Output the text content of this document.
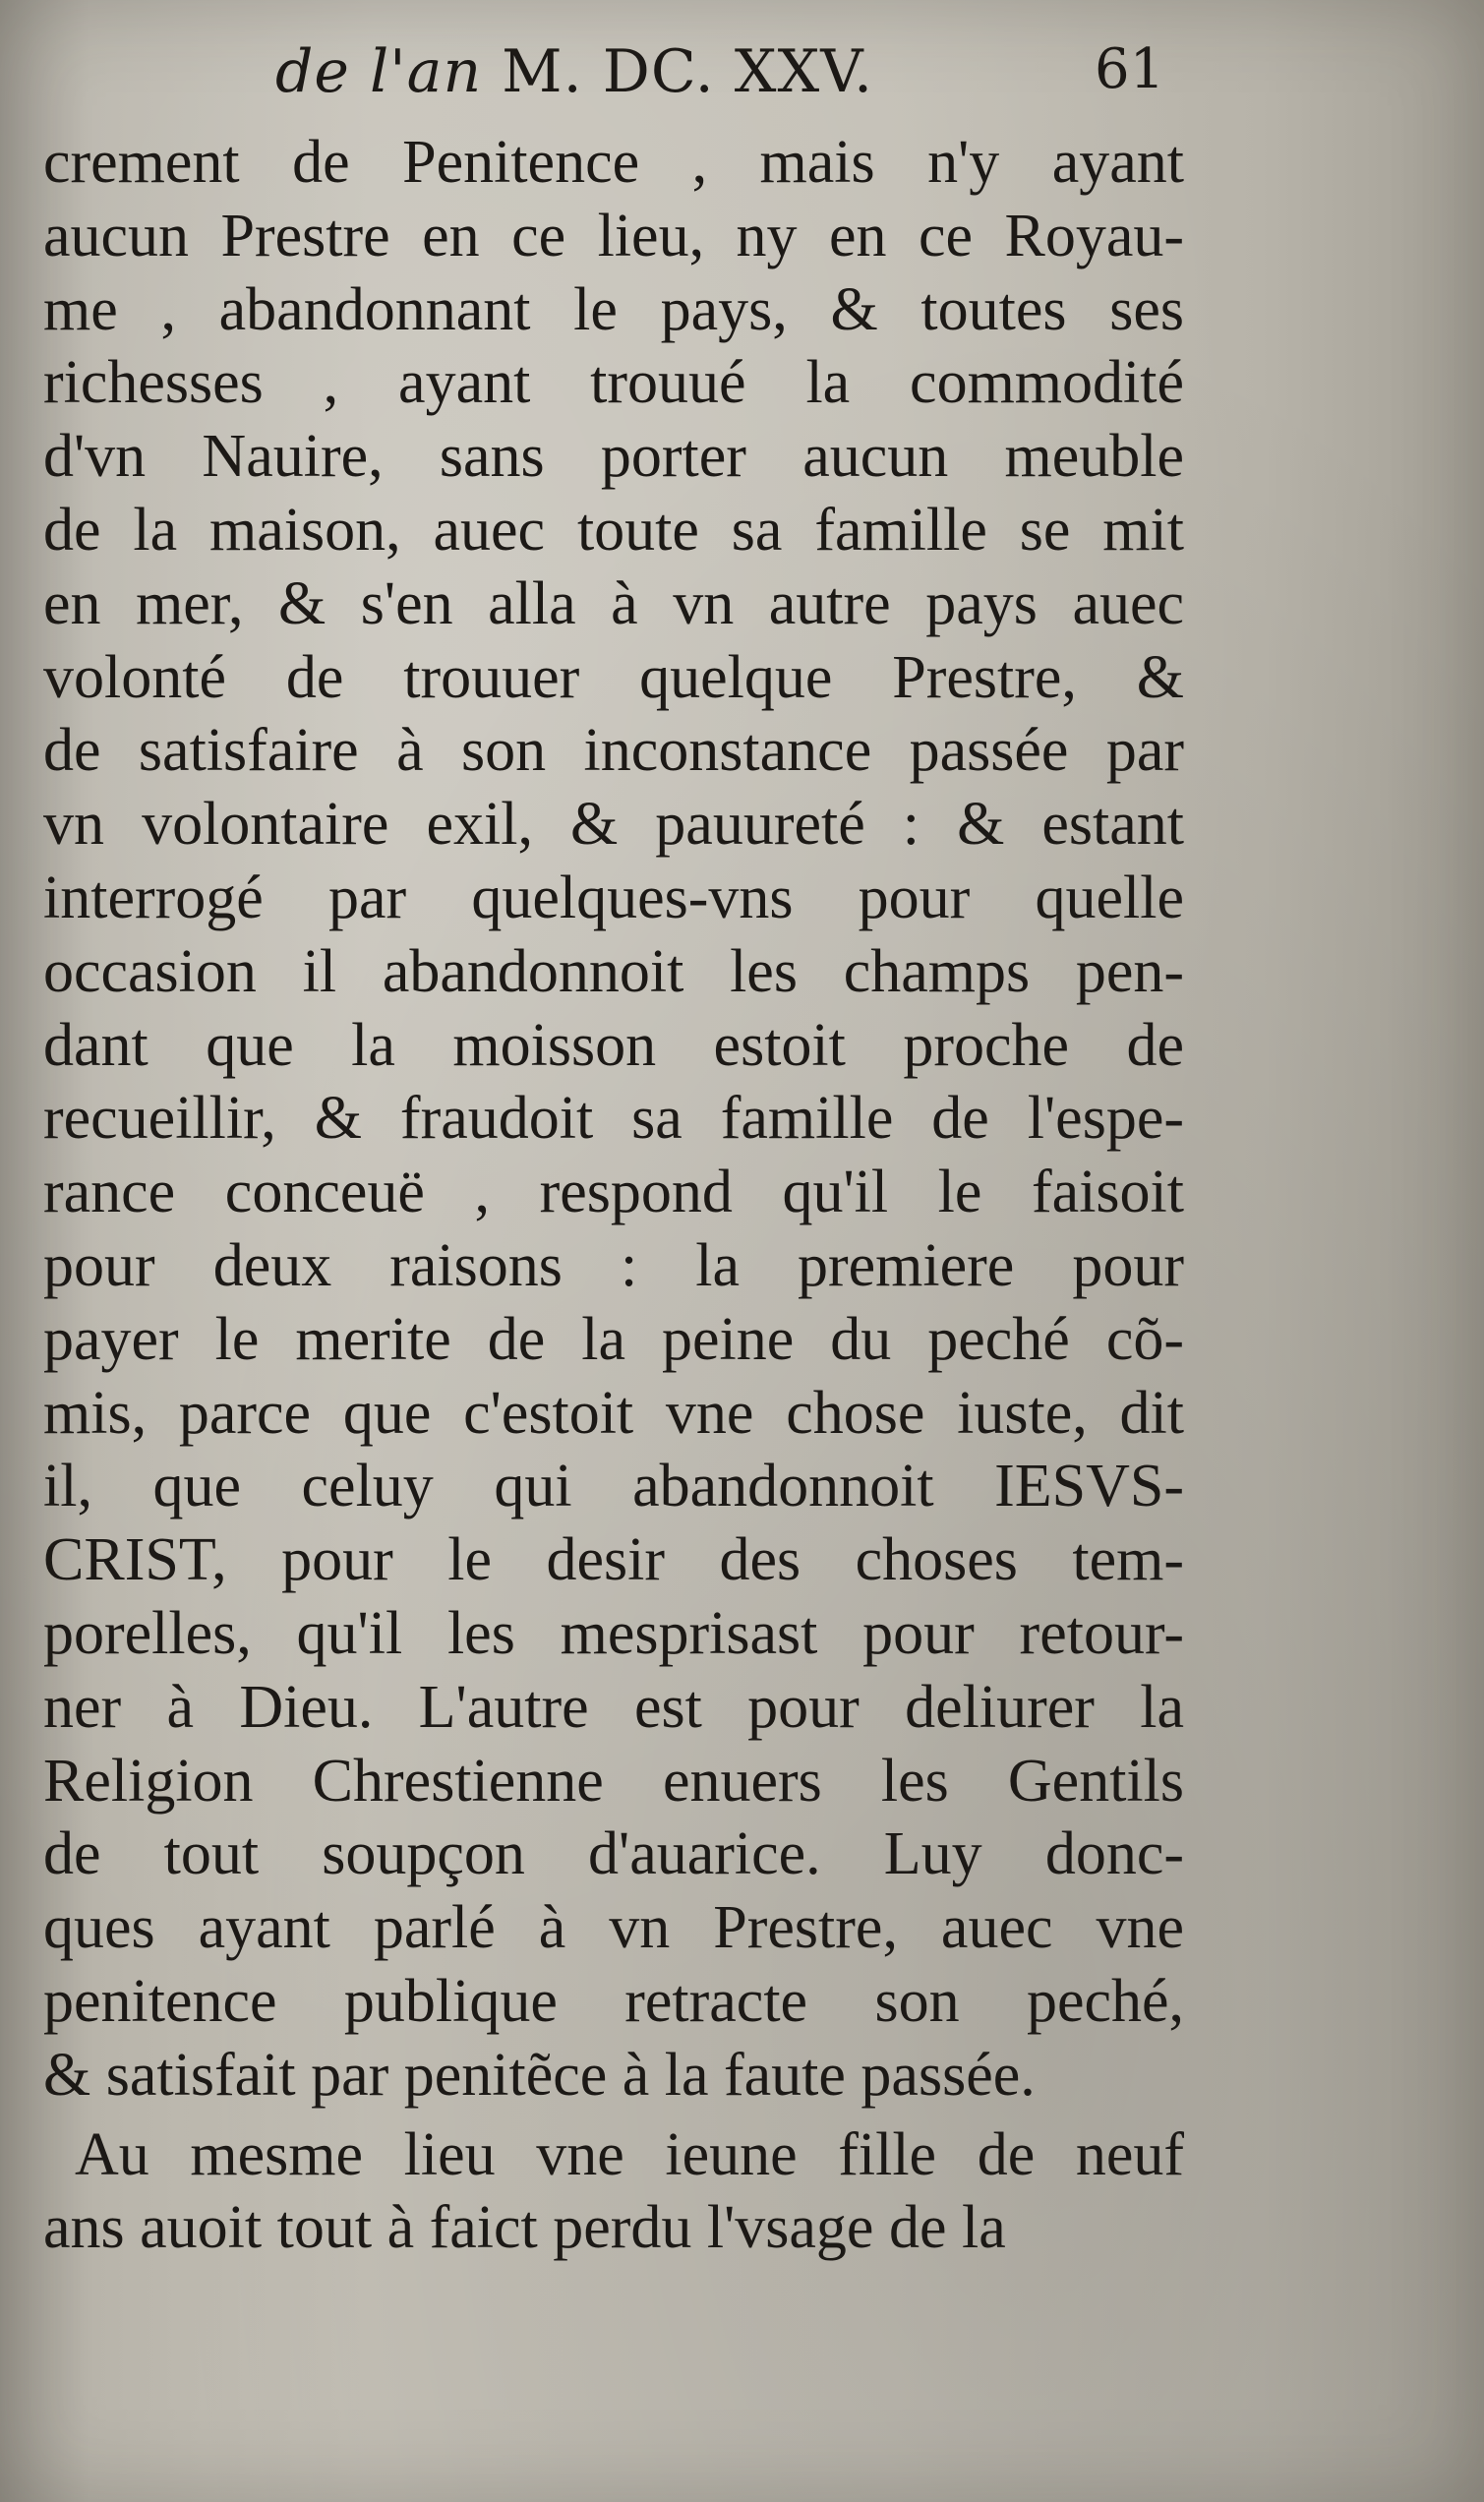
de l'an M. DC. XXV.	61
crement de Penitence , mais n'y ayant
aucun Prestre en ce lieu, ny en ce Royau-
me , abandonnant le pays, & toutes ses
richesses , ayant trouué la commodité
d'vn Nauire, sans porter aucun meuble
de la maison, auec toute sa famille se mit
en mer, & s'en alla à vn autre pays auec
volonté de trouuer quelque Prestre, &
de satisfaire à son inconstance passée par
vn volontaire exil, & pauureté : & estant
interrogé par quelques-vns pour quelle
occasion il abandonnoit les champs pen-
dant que la moisson estoit proche de
recueillir, & fraudoit sa famille de l'espe-
rance conceuë , respond qu'il le faisoit
pour deux raisons : la premiere pour
payer le merite de la peine du peché cõ-
mis, parce que c'estoit vne chose iuste, dit
il, que celuy qui abandonnoit IESVS-
CRIST, pour le desir des choses tem-
porelles, qu'il les mesprisast pour retour-
ner à Dieu. L'autre est pour deliurer la
Religion Chrestienne enuers les Gentils
de tout soupçon d'auarice. Luy donc-
ques ayant parlé à vn Prestre, auec vne
penitence publique retracte son peché,
& satisfait par penitẽce à la faute passée.
Au mesme lieu vne ieune fille de neuf
ans auoit tout à faict perdu l'vsage de la
